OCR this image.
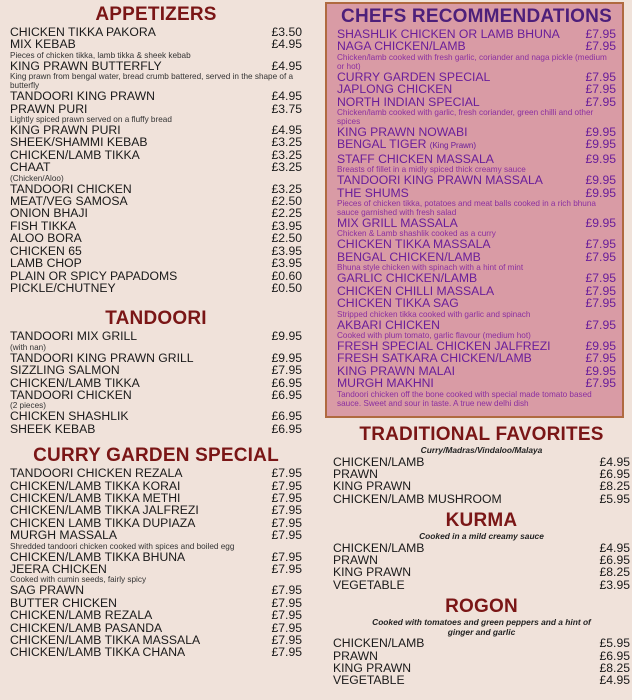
APPETIZERS
CHICKEN TIKKA PAKORA	£3.50
MIX KEBAB	£4.95
Pieces of chicken tikka, lamb tikka & sheek kebab
KING PRAWN BUTTERFLY	£4.95
King prawn from bengal water, bread crumb battered, served in the shape of a butterfly
TANDOORI KING PRAWN	£4.95
PRAWN PURI	£3.75
Lightly spiced prawn served on a fluffy bread
KING PRAWN PURI	£4.95
SHEEK/SHAMMI KEBAB	£3.25
CHICKEN/LAMB TIKKA	£3.25
CHAAT	£3.25
(Chicken/Aloo)
TANDOORI CHICKEN	£3.25
MEAT/VEG SAMOSA	£2.50
ONION BHAJI	£2.25
FISH TIKKA	£3.95
ALOO BORA	£2.50
CHICKEN 65	£3.95
LAMB CHOP	£3.95
PLAIN OR SPICY PAPADOMS	£0.60
PICKLE/CHUTNEY	£0.50
TANDOORI
TANDOORI MIX GRILL	£9.95
(with nan)
TANDOORI KING PRAWN GRILL	£9.95
SIZZLING SALMON	£7.95
CHICKEN/LAMB TIKKA	£6.95
TANDOORI CHICKEN	£6.95
(2 pieces)
CHICKEN SHASHLIK	£6.95
SHEEK KEBAB	£6.95
CURRY GARDEN SPECIAL
TANDOORI CHICKEN REZALA	£7.95
CHICKEN/LAMB TIKKA KORAI	£7.95
CHICKEN/LAMB TIKKA METHI	£7.95
CHICKEN/LAMB TIKKA JALFREZI	£7.95
CHICKEN LAMB TIKKA DUPIAZA	£7.95
MURGH MASSALA	£7.95
Shredded tandoori chicken cooked with spices and boiled egg
CHICKEN/LAMB TIKKA BHUNA	£7.95
JEERA CHICKEN	£7.95
Cooked with cumin seeds, fairly spicy
SAG PRAWN	£7.95
BUTTER CHICKEN	£7.95
CHICKEN/LAMB REZALA	£7.95
CHICKEN/LAMB PASANDA	£7.95
CHICKEN/LAMB TIKKA MASSALA	£7.95
CHICKEN/LAMB TIKKA CHANA	£7.95
CHEFS RECOMMENDATIONS
SHASHLIK CHICKEN OR LAMB BHUNA £7.95
NAGA CHICKEN/LAMB	£7.95
Chicken/lamb cooked with fresh garlic, coriander and naga pickle (medium or hot)
CURRY GARDEN SPECIAL	£7.95
JAPLONG CHICKEN	£7.95
NORTH INDIAN SPECIAL	£7.95
Chicken/lamb cooked with garlic, fresh coriander, green chilli and other spices
KING PRAWN NOWABI	£9.95
BENGAL TIGER (King Prawn)	£9.95
STAFF CHICKEN MASSALA	£9.95
Breasts of fillet in a midly spiced thick creamy sauce
TANDOORI KING PRAWN MASSALA	£9.95
THE SHUMS	£9.95
Pieces of chicken tikka, potatoes and meat balls cooked in a rich bhuna sauce garnished with fresh salad
MIX GRILL MASSALA	£9.95
Chicken & Lamb shashlik cooked as a curry
CHICKEN TIKKA MASSALA	£7.95
BENGAL CHICKEN/LAMB	£7.95
Bhuna style chicken with spinach with a hint of mint
GARLIC CHICKEN/LAMB	£7.95
CHICKEN CHILLI MASSALA	£7.95
CHICKEN TIKKA SAG	£7.95
Stripped chicken tikka cooked with garlic and spinach
AKBARI CHICKEN	£7.95
Cooked with plum tomato, garlic flavour (medium hot)
FRESH SPECIAL CHICKEN JALFREZI	£9.95
FRESH SATKARA CHICKEN/LAMB	£7.95
KING PRAWN MALAI	£9.95
MURGH MAKHNI	£7.95
Tandoori chicken off the bone cooked with special made tomato based sauce. Sweet and sour in taste. A true new delhi dish
TRADITIONAL FAVORITES
Curry/Madras/Vindaloo/Malaya
CHICKEN/LAMB	£4.95
PRAWN	£6.95
KING PRAWN	£8.25
CHICKEN/LAMB MUSHROOM	£5.95
KURMA
Cooked in a mild creamy sauce
CHICKEN/LAMB	£4.95
PRAWN	£6.95
KING PRAWN	£8.25
VEGETABLE	£3.95
ROGON
Cooked with tomatoes and green peppers and a hint of ginger and garlic
CHICKEN/LAMB	£5.95
PRAWN	£6.95
KING PRAWN	£8.25
VEGETABLE	£4.95
